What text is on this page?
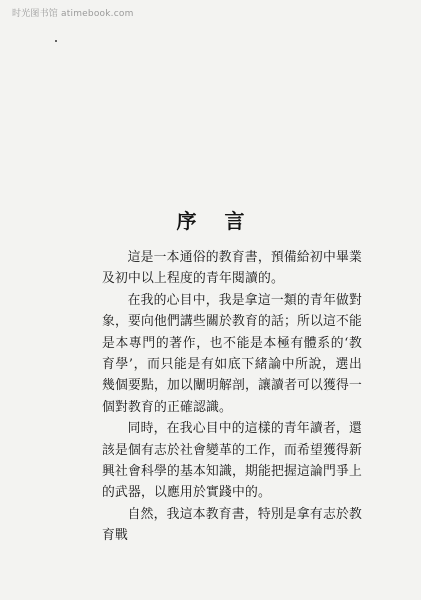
时光图书馆 atimebook.com
序言

這是一本通俗的教育書，預備給初中畢業及初中以上程度的青年閱讀的。

在我的心目中，我是拿這一類的青年做對象，要向他們講些關於教育的話；所以這不能是本專門的著作，也不能是本極有體系的‘教育學’，而只能是有如底下緒論中所說，選出幾個要點，加以闡明解剖，讓讀者可以獲得一個對教育的正確認識。

同時，在我心目中的這樣的青年讀者，還該是個有志於社會變革的工作，而希望獲得新興社會科學的基本知識，期能把握這論門爭上的武器，以應用於實踐中的。

自然，我這本教育書，特別是拿有志於教育戰
